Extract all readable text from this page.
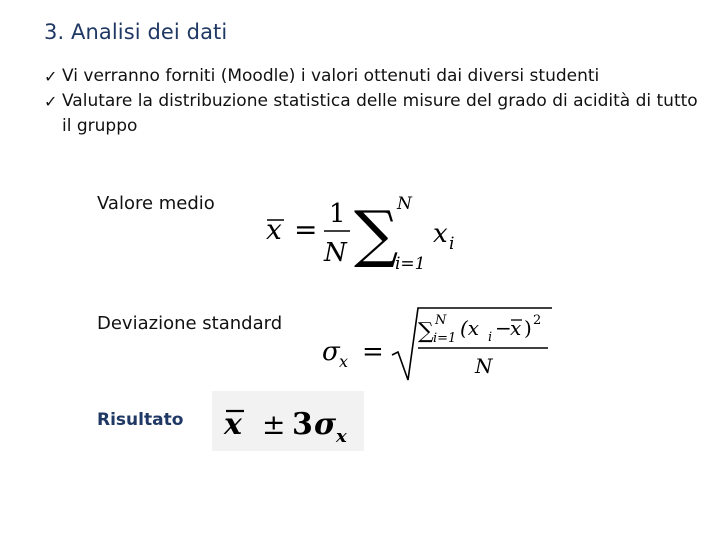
3. Analisi dei dati
✓ Vi verranno forniti (Moodle) i valori ottenuti dai diversi studenti
✓ Valutare la distribuzione statistica delle misure del grado di acidità di tutto il gruppo
Valore medio
Deviazione standard
Risultato
x = 1
N ∑
N
i=1
x i
σ x =
∑ N
i=1 (x i −
x ) 2
N
x ± 3 σ x
